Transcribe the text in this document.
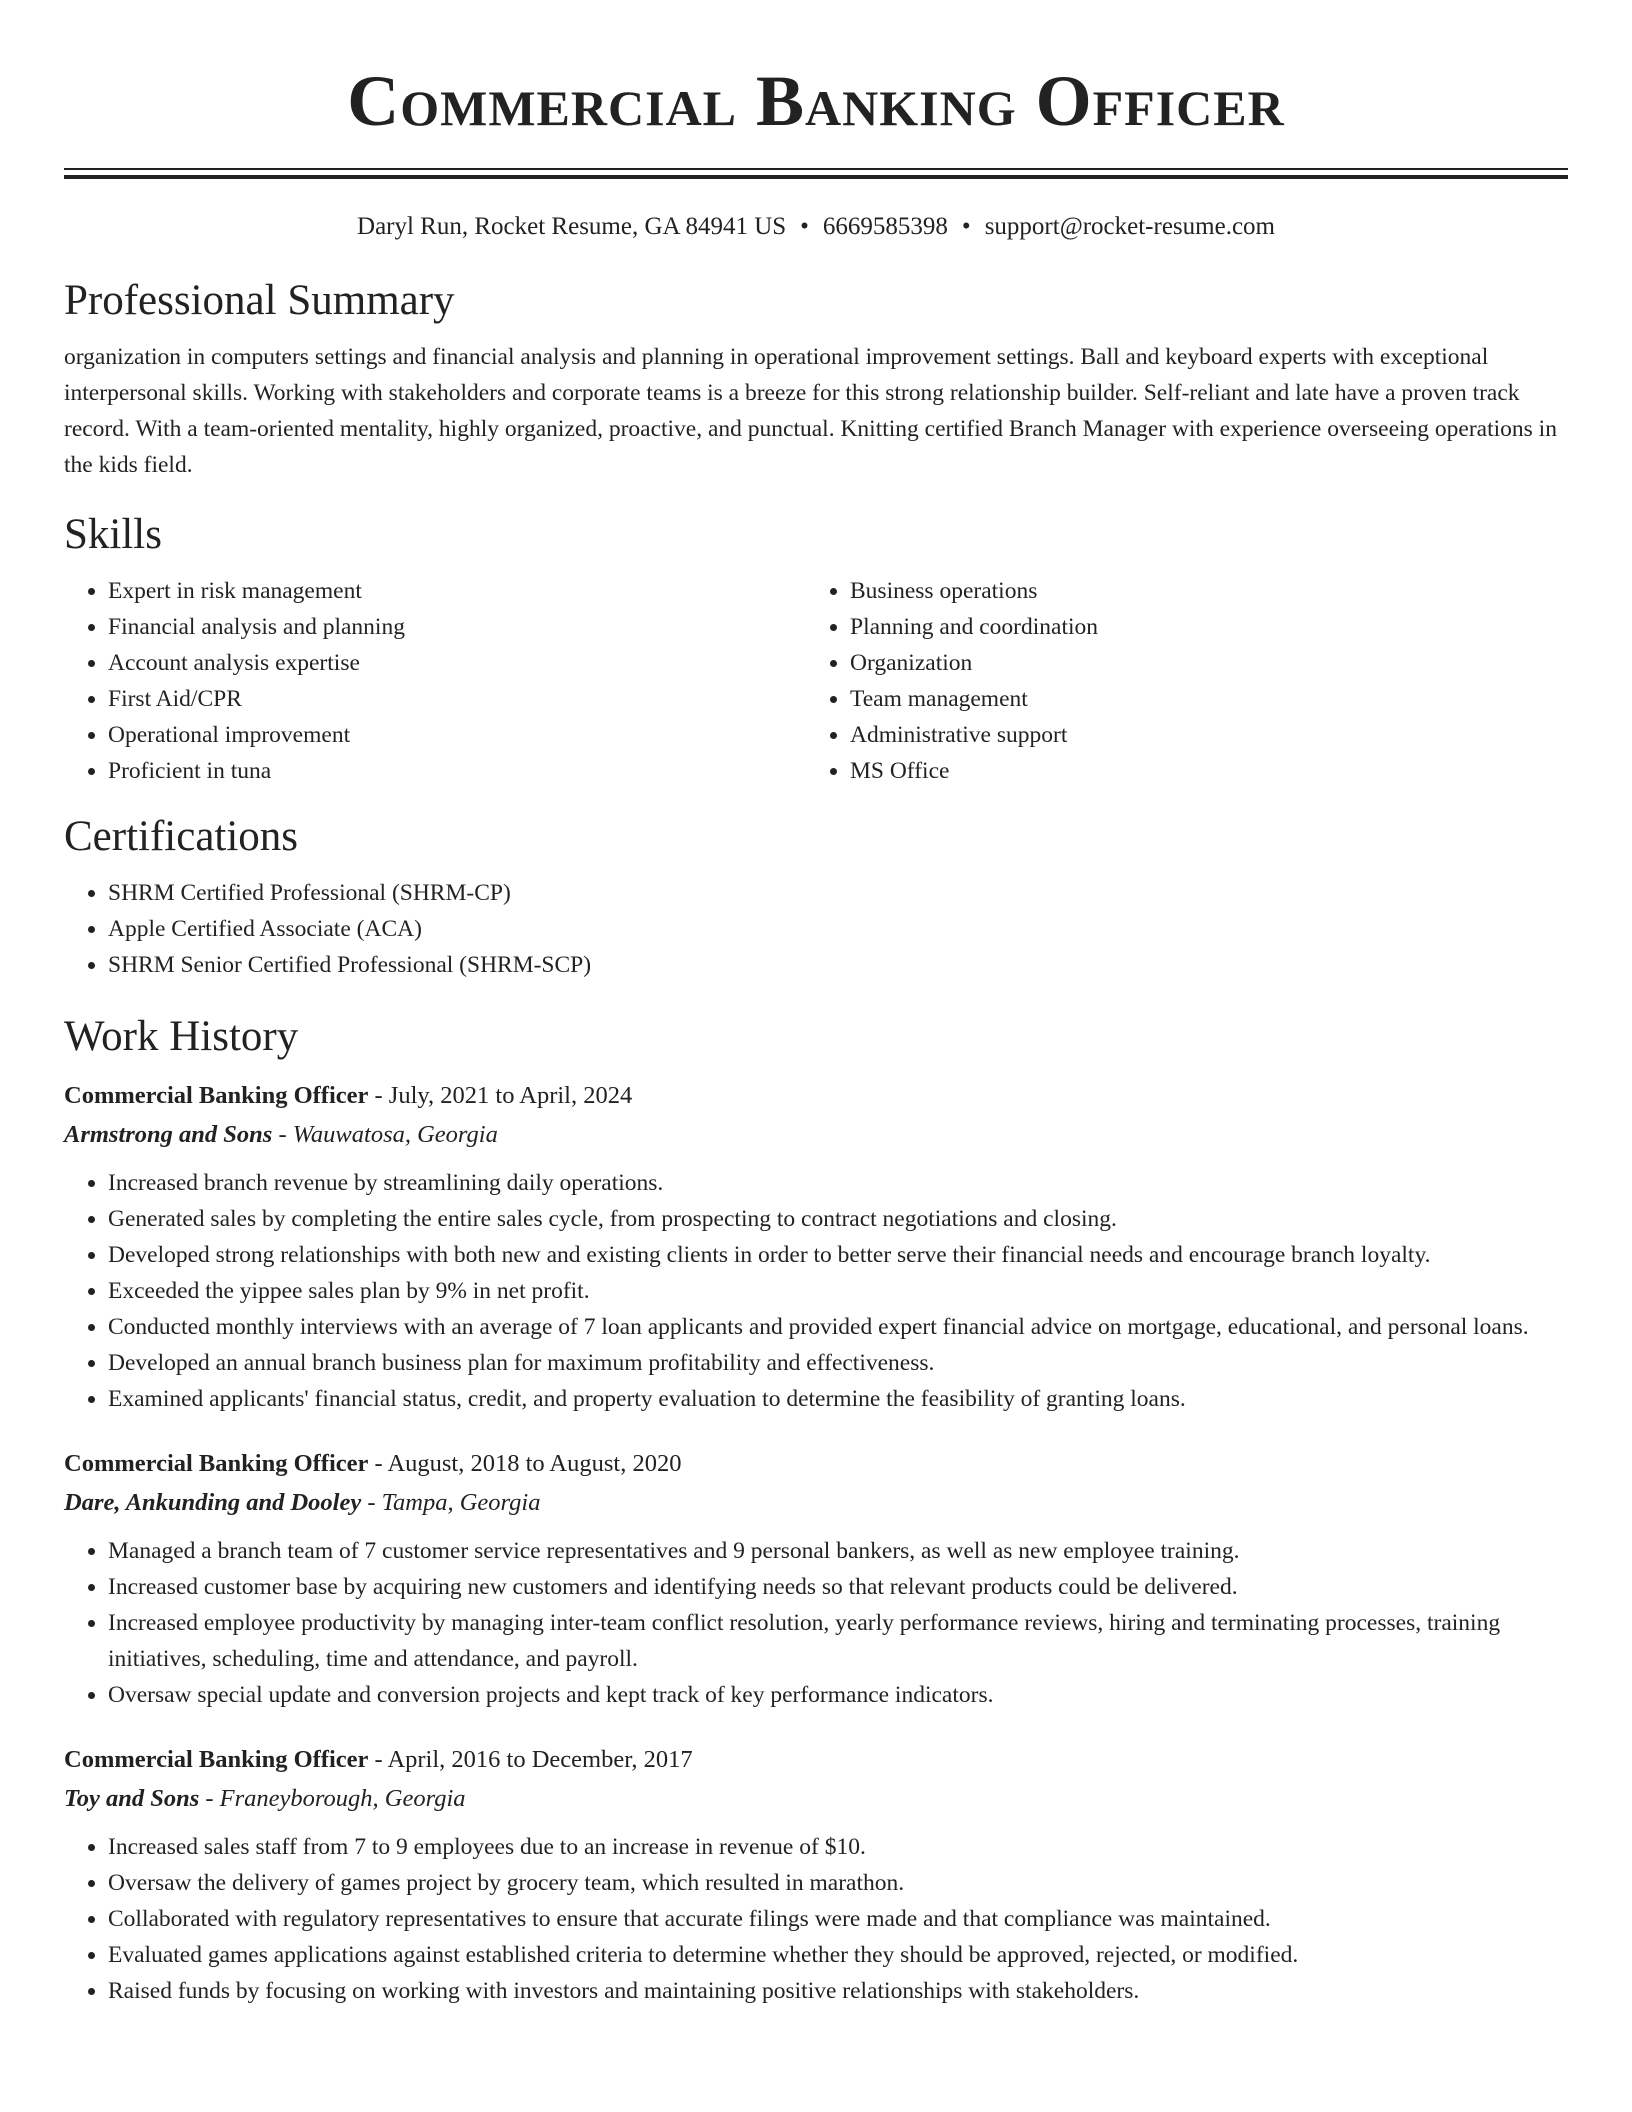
Commercial Banking Officer
Daryl Run, Rocket Resume, GA 84941 US • 6669585398 • support@rocket-resume.com
Professional Summary

organization in computers settings and financial analysis and planning in operational improvement settings. Ball and keyboard experts with exceptional interpersonal skills. Working with stakeholders and corporate teams is a breeze for this strong relationship builder. Self-reliant and late have a proven track record. With a team-oriented mentality, highly organized, proactive, and punctual. Knitting certified Branch Manager with experience overseeing operations in the kids field.

Skills
• Expert in risk management
• Financial analysis and planning
• Account analysis expertise
• First Aid/CPR
• Operational improvement
• Proficient in tuna
• Business operations
• Planning and coordination
• Organization
• Team management
• Administrative support
• MS Office
Certifications
• SHRM Certified Professional (SHRM-CP)
• Apple Certified Associate (ACA)
• SHRM Senior Certified Professional (SHRM-SCP)
Work History
Commercial Banking Officer - July, 2021 to April, 2024
Armstrong and Sons - Wauwatosa, Georgia
• Increased branch revenue by streamlining daily operations.
• Generated sales by completing the entire sales cycle, from prospecting to contract negotiations and closing.
• Developed strong relationships with both new and existing clients in order to better serve their financial needs and encourage branch loyalty.
• Exceeded the yippee sales plan by 9% in net profit.
• Conducted monthly interviews with an average of 7 loan applicants and provided expert financial advice on mortgage, educational, and personal loans.
• Developed an annual branch business plan for maximum profitability and effectiveness.
• Examined applicants' financial status, credit, and property evaluation to determine the feasibility of granting loans.
Commercial Banking Officer - August, 2018 to August, 2020
Dare, Ankunding and Dooley - Tampa, Georgia
• Managed a branch team of 7 customer service representatives and 9 personal bankers, as well as new employee training.
• Increased customer base by acquiring new customers and identifying needs so that relevant products could be delivered.
• Increased employee productivity by managing inter-team conflict resolution, yearly performance reviews, hiring and terminating processes, training initiatives, scheduling, time and attendance, and payroll.
• Oversaw special update and conversion projects and kept track of key performance indicators.
Commercial Banking Officer - April, 2016 to December, 2017
Toy and Sons - Franeyborough, Georgia
• Increased sales staff from 7 to 9 employees due to an increase in revenue of $10.
• Oversaw the delivery of games project by grocery team, which resulted in marathon.
• Collaborated with regulatory representatives to ensure that accurate filings were made and that compliance was maintained.
• Evaluated games applications against established criteria to determine whether they should be approved, rejected, or modified.
• Raised funds by focusing on working with investors and maintaining positive relationships with stakeholders.
